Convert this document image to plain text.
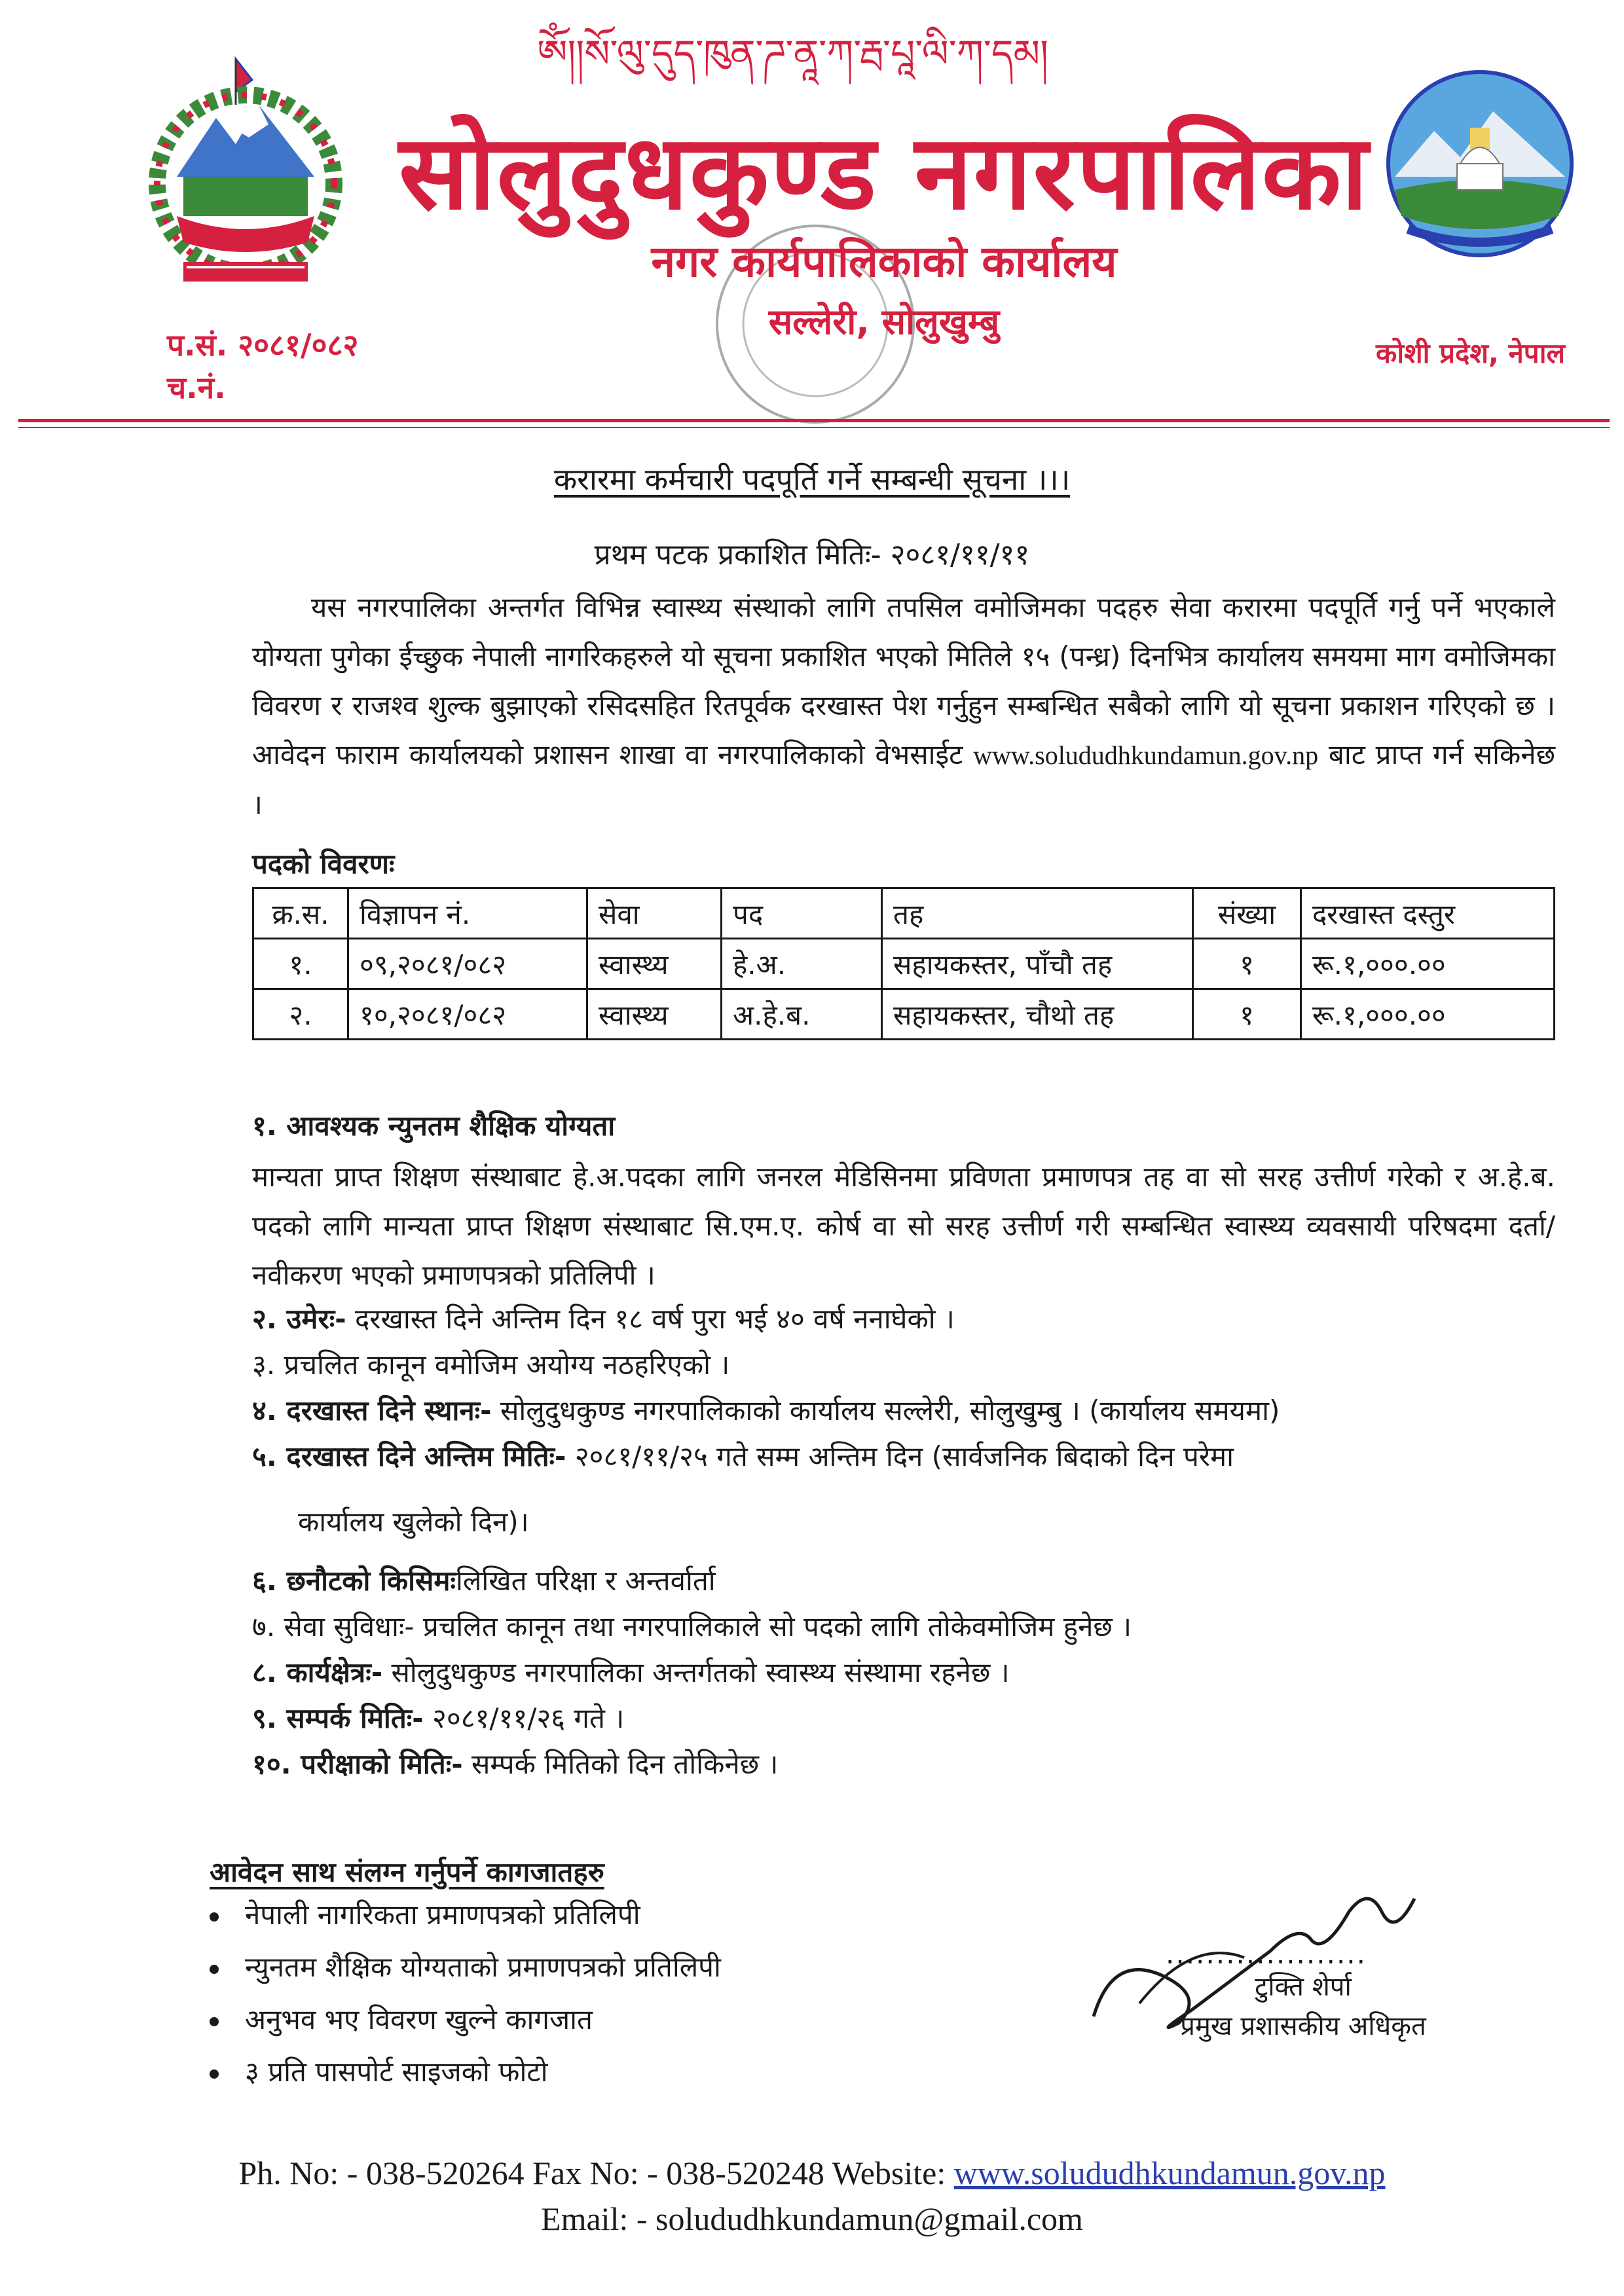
ༀ།།སོ་ལུ་དུད་ཁུན་ཌ་ནཱ་ཀ་རྦ་པཱ་ལི་ཀ་དམ།
सोलुदुधकुण्ड नगरपालिका
नगर कार्यपालिकाको कार्यालय
सल्लेरी, सोलुखुम्बु
प.सं. २०८१/०८२
च.नं.
कोशी प्रदेश, नेपाल
करारमा कर्मचारी पदपूर्ति गर्ने सम्बन्धी सूचना ।।।
प्रथम पटक प्रकाशित मितिः- २०८१/११/११
यस नगरपालिका अन्तर्गत विभिन्न स्वास्थ्य संस्थाको लागि तपसिल वमोजिमका पदहरु सेवा करारमा पदपूर्ति गर्नु पर्ने भएकाले योग्यता पुगेका ईच्छुक नेपाली नागरिकहरुले यो सूचना प्रकाशित भएको मितिले १५ (पन्ध्र) दिनभित्र कार्यालय समयमा माग वमोजिमका विवरण र राजश्व शुल्क बुझाएको रसिदसहित रितपूर्वक दरखास्त पेश गर्नुहुन सम्बन्धित सबैको लागि यो सूचना प्रकाशन गरिएको छ । आवेदन फाराम कार्यालयको प्रशासन शाखा वा नगरपालिकाको वेभसाईट www.solududhkundamun.gov.np बाट प्राप्त गर्न सकिनेछ ।
पदको विवरणः
क्र.स.	विज्ञापन नं.	सेवा	पद	तह	संख्या	दरखास्त दस्तुर
१.	०९,२०८१/०८२	स्वास्थ्य	हे.अ.	सहायकस्तर, पाँचौ तह	१	रू.१,०००.००
२.	१०,२०८१/०८२	स्वास्थ्य	अ.हे.ब.	सहायकस्तर, चौथो तह	१	रू.१,०००.००
१. आवश्यक न्युनतम शैक्षिक योग्यता
मान्यता प्राप्त शिक्षण संस्थाबाट हे.अ.पदका लागि जनरल मेडिसिनमा प्रविणता प्रमाणपत्र तह वा सो सरह उत्तीर्ण गरेको र अ.हे.ब. पदको लागि मान्यता प्राप्त शिक्षण संस्थाबाट सि.एम.ए. कोर्ष वा सो सरह उत्तीर्ण गरी सम्बन्धित स्वास्थ्य व्यवसायी परिषदमा दर्ता/नवीकरण भएको प्रमाणपत्रको प्रतिलिपी ।
२. उमेरः- दरखास्त दिने अन्तिम दिन १८ वर्ष पुरा भई ४० वर्ष ननाघेको ।
३. प्रचलित कानून वमोजिम अयोग्य नठहरिएको ।
४. दरखास्त दिने स्थानः- सोलुदुधकुण्ड नगरपालिकाको कार्यालय सल्लेरी, सोलुखुम्बु । (कार्यालय समयमा)
५. दरखास्त दिने अन्तिम मितिः- २०८१/११/२५ गते सम्म अन्तिम दिन (सार्वजनिक बिदाको दिन परेमा
६. छनौटको किसिमःलिखित परिक्षा र अन्तर्वार्ता
७. सेवा सुविधाः- प्रचलित कानून तथा नगरपालिकाले सो पदको लागि तोकेवमोजिम हुनेछ ।
८. कार्यक्षेत्रः- सोलुदुधकुण्ड नगरपालिका अन्तर्गतको स्वास्थ्य संस्थामा रहनेछ ।
९. सम्पर्क मितिः- २०८१/११/२६ गते ।
१०. परीक्षाको मितिः- सम्पर्क मितिको दिन तोकिनेछ ।
कार्यालय खुलेको दिन)।
आवेदन साथ संलग्न गर्नुपर्ने कागजातहरु
नेपाली नागरिकता प्रमाणपत्रको प्रतिलिपी
न्युनतम शैक्षिक योग्यताको प्रमाणपत्रको प्रतिलिपी
अनुभव भए विवरण खुल्ने कागजात
३ प्रति पासपोर्ट साइजको फोटो
....................
टुक्ति शेर्पा
प्रमुख प्रशासकीय अधिकृत
Ph. No: - 038-520264 Fax No: - 038-520248 Website: www.solududhkundamun.gov.np
Email: - solududhkundamun@gmail.com
